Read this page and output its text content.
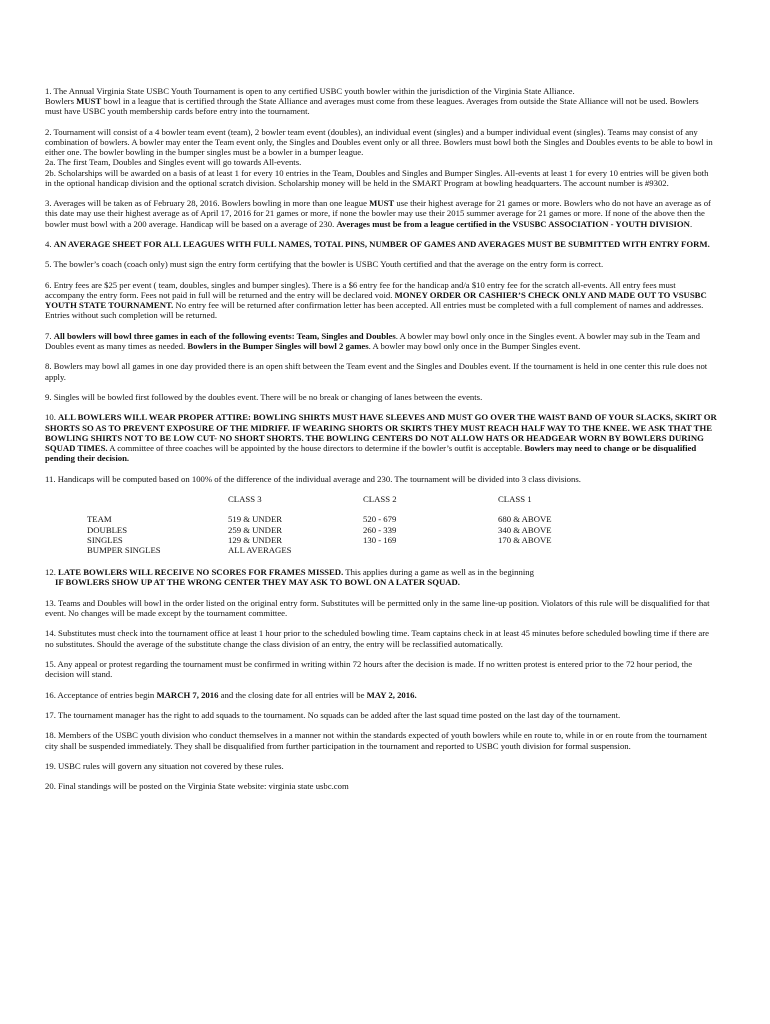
1. The Annual Virginia State USBC Youth Tournament is open to any certified USBC youth bowler within the jurisdiction of the Virginia State Alliance.
Bowlers MUST bowl in a league that is certified through the State Alliance and averages must come from these leagues. Averages from outside the State Alliance will not be used. Bowlers must have USBC youth membership cards before entry into the tournament.
2. Tournament will consist of a 4 bowler team event (team), 2 bowler team event (doubles), an individual event (singles) and a bumper individual event (singles). Teams may consist of any combination of bowlers. A bowler may enter the Team event only, the Singles and Doubles event only or all three. Bowlers must bowl both the Singles and Doubles events to be able to bowl in either one. The bowler bowling in the bumper singles must be a bowler in a bumper league.
2a. The first Team, Doubles and Singles event will go towards All-events.
2b. Scholarships will be awarded on a basis of at least 1 for every 10 entries in the Team, Doubles and Singles and Bumper Singles. All-events at least 1 for every 10 entries will be given both in the optional handicap division and the optional scratch division. Scholarship money will be held in the SMART Program at bowling headquarters. The account number is #9302.
3. Averages will be taken as of February 28, 2016. Bowlers bowling in more than one league MUST use their highest average for 21 games or more. Bowlers who do not have an average as of this date may use their highest average as of April 17, 2016 for 21 games or more, if none the bowler may use their 2015 summer average for 21 games or more. If none of the above then the bowler must bowl with a 200 average. Handicap will be based on a average of 230. Averages must be from a league certified in the VSUSBC ASSOCIATION - YOUTH DIVISION.
4. AN AVERAGE SHEET FOR ALL LEAGUES WITH FULL NAMES, TOTAL PINS, NUMBER OF GAMES AND AVERAGES MUST BE SUBMITTED WITH ENTRY FORM.
5. The bowler’s coach (coach only) must sign the entry form certifying that the bowler is USBC Youth certified and that the average on the entry form is correct.
6. Entry fees are $25 per event ( team, doubles, singles and bumper singles). There is a $6 entry fee for the handicap and/a $10 entry fee for the scratch all-events. All entry fees must accompany the entry form. Fees not paid in full will be returned and the entry will be declared void. MONEY ORDER OR CASHIER’S CHECK ONLY AND MADE OUT TO VSUSBC YOUTH STATE TOURNAMENT. No entry fee will be returned after confirmation letter has been accepted. All entries must be completed with a full complement of names and addresses. Entries without such completion will be returned.
7. All bowlers will bowl three games in each of the following events: Team, Singles and Doubles. A bowler may bowl only once in the Singles event. A bowler may sub in the Team and Doubles event as many times as needed. Bowlers in the Bumper Singles will bowl 2 games. A bowler may bowl only once in the Bumper Singles event.
8. Bowlers may bowl all games in one day provided there is an open shift between the Team event and the Singles and Doubles event. If the tournament is held in one center this rule does not apply.
9. Singles will be bowled first followed by the doubles event. There will be no break or changing of lanes between the events.
10. ALL BOWLERS WILL WEAR PROPER ATTIRE: BOWLING SHIRTS MUST HAVE SLEEVES AND MUST GO OVER THE WAIST BAND OF YOUR SLACKS, SKIRT OR SHORTS SO AS TO PREVENT EXPOSURE OF THE MIDRIFF. IF WEARING SHORTS OR SKIRTS THEY MUST REACH HALF WAY TO THE KNEE. WE ASK THAT THE BOWLING SHIRTS NOT TO BE LOW CUT- NO SHORT SHORTS. THE BOWLING CENTERS DO NOT ALLOW HATS OR HEADGEAR WORN BY BOWLERS DURING SQUAD TIMES. A committee of three coaches will be appointed by the house directors to determine if the bowler’s outfit is acceptable. Bowlers may need to change or be disqualified pending their decision.
11. Handicaps will be computed based on 100% of the difference of the individual average and 230. The tournament will be divided into 3 class divisions.
	CLASS 3	CLASS 2	CLASS 1
TEAM	519 & UNDER	520 - 679	680 & ABOVE
DOUBLES	259 & UNDER	260 - 339	340 & ABOVE
SINGLES	129 & UNDER	130 - 169	170 & ABOVE
BUMPER SINGLES	ALL AVERAGES		
12. LATE BOWLERS WILL RECEIVE NO SCORES FOR FRAMES MISSED. This applies during a game as well as in the beginning
IF BOWLERS SHOW UP AT THE WRONG CENTER THEY MAY ASK TO BOWL ON A LATER SQUAD.
13. Teams and Doubles will bowl in the order listed on the original entry form. Substitutes will be permitted only in the same line-up position. Violators of this rule will be disqualified for that event. No changes will be made except by the tournament committee.
14. Substitutes must check into the tournament office at least 1 hour prior to the scheduled bowling time. Team captains check in at least 45 minutes before scheduled bowling time if there are no substitutes. Should the average of the substitute change the class division of an entry, the entry will be reclassified automatically.
15. Any appeal or protest regarding the tournament must be confirmed in writing within 72 hours after the decision is made. If no written protest is entered prior to the 72 hour period, the decision will stand.
16. Acceptance of entries begin MARCH 7, 2016 and the closing date for all entries will be MAY 2, 2016.
17. The tournament manager has the right to add squads to the tournament. No squads can be added after the last squad time posted on the last day of the tournament.
18. Members of the USBC youth division who conduct themselves in a manner not within the standards expected of youth bowlers while en route to, while in or en route from the tournament city shall be suspended immediately. They shall be disqualified from further participation in the tournament and reported to USBC youth division for formal suspension.
19. USBC rules will govern any situation not covered by these rules.
20. Final standings will be posted on the Virginia State website: virginia state usbc.com
